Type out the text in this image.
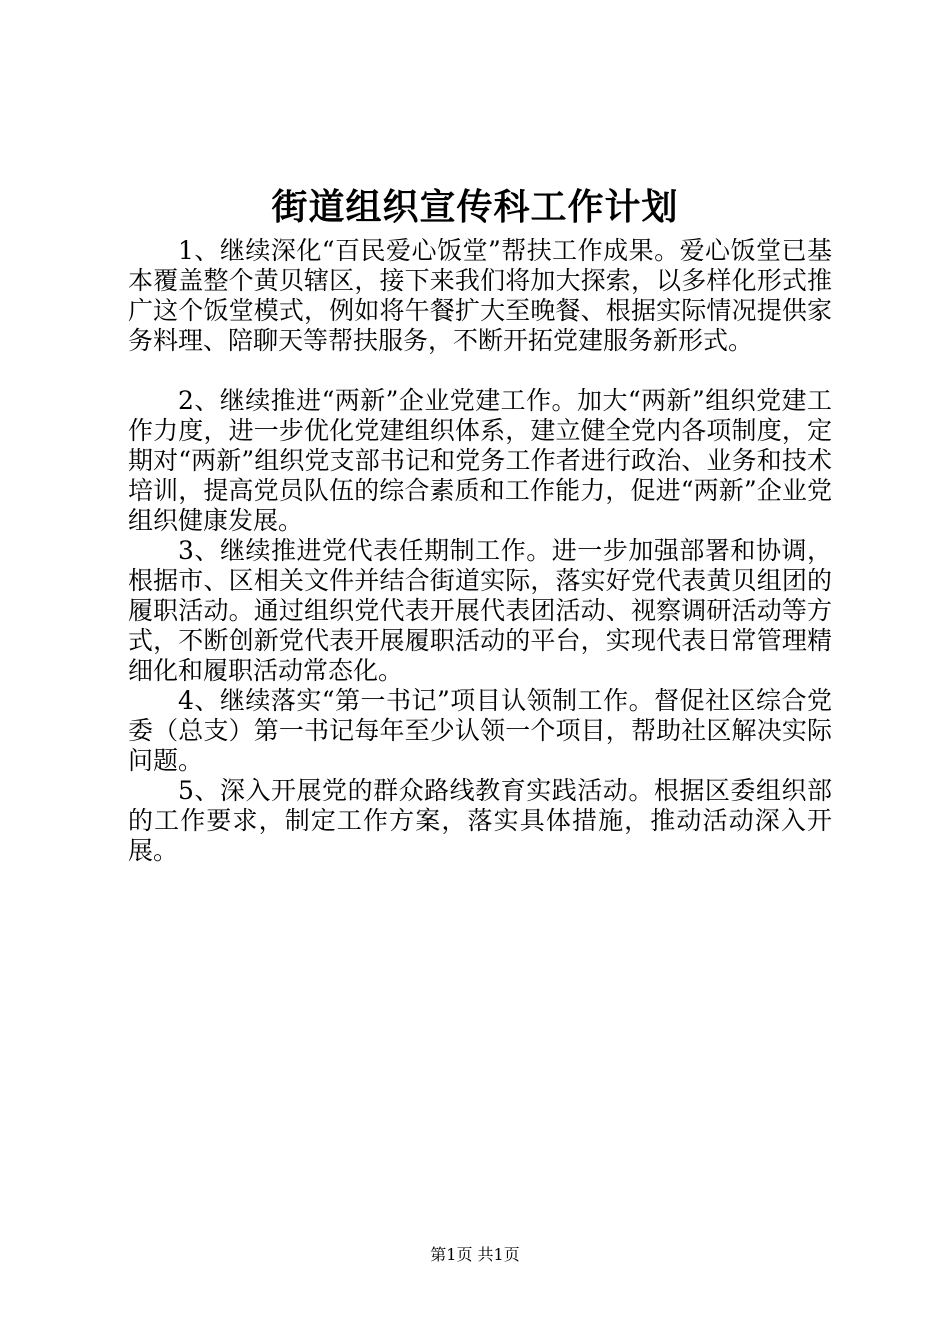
街道组织宣传科工作计划

1、继续深化“百民爱心饭堂”帮扶工作成果。爱心饭堂已基本覆盖整个黄贝辖区，接下来我们将加大探索，以多样化形式推广这个饭堂模式，例如将午餐扩大至晚餐、根据实际情况提供家务料理、陪聊天等帮扶服务，不断开拓党建服务新形式。

2、继续推进“两新”企业党建工作。加大“两新”组织党建工作力度，进一步优化党建组织体系，建立健全党内各项制度，定期对“两新”组织党支部书记和党务工作者进行政治、业务和技术培训，提高党员队伍的综合素质和工作能力，促进“两新”企业党组织健康发展。

3、继续推进党代表任期制工作。进一步加强部署和协调，根据市、区相关文件并结合街道实际，落实好党代表黄贝组团的履职活动。通过组织党代表开展代表团活动、视察调研活动等方式，不断创新党代表开展履职活动的平台，实现代表日常管理精细化和履职活动常态化。

4、继续落实“第一书记”项目认领制工作。督促社区综合党委（总支）第一书记每年至少认领一个项目，帮助社区解决实际问题。

5、深入开展党的群众路线教育实践活动。根据区委组织部的工作要求，制定工作方案，落实具体措施，推动活动深入开展。

第1页 共1页
